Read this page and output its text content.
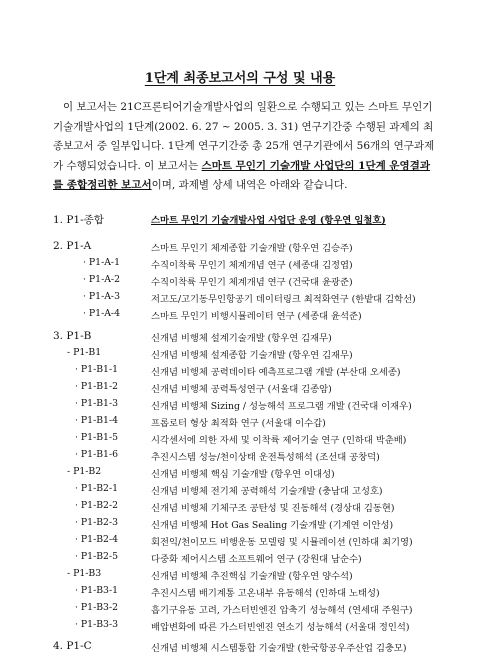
1단계 최종보고서의 구성 및 내용

이 보고서는 21C프론티어기술개발사업의 일환으로 수행되고 있는 스마트 무인기 기술개발사업의 1단계(2002. 6. 27 ~ 2005. 3. 31) 연구기간중 수행된 과제의 최종보고서 중 일부입니다. 1단계 연구기간중 총 25개 연구기관에서 56개의 연구과제가 수행되었습니다. 이 보고서는 스마트 무인기 기술개발 사업단의 1단계 운영결과를 종합정리한 보고서이며, 과제별 상세 내역은 아래와 같습니다.

1. P1-종합	스마트 무인기 기술개발사업 사업단 운영 (항우연 임철호)
2. P1-A	스마트 무인기 체계종합 기술개발 (항우연 김승주)
· P1-A-1	수직이착륙 무인기 체계개념 연구 (세종대 김정엽)
· P1-A-2	수직이착륙 무인기 체계개념 연구 (건국대 윤광준)
· P1-A-3	저고도/고기동무인항공기 데이터링크 최적화연구 (한밭대 김학선)
· P1-A-4	스마트 무인기 비행시뮬레이터 연구 (세종대 윤석준)
3. P1-B	신개념 비행체 설계기술개발 (항우연 김재무)
- P1-B1	신개념 비행체 설계종합 기술개발 (항우연 김재무)
· P1-B1-1	신개념 비행체 공력데이타 예측프로그램 개발 (부산대 오세종)
· P1-B1-2	신개념 비행체 공력특성연구 (서울대 김종암)
· P1-B1-3	신개념 비행체 Sizing / 성능해석 프로그램 개발 (건국대 이재우)
· P1-B1-4	프롭로터 형상 최적화 연구 (서울대 이수갑)
· P1-B1-5	시각센서에 의한 자세 및 이착륙 제어기술 연구 (인하대 박춘배)
· P1-B1-6	추진시스템 성능/천이상태 운전특성해석 (조선대 공창덕)
- P1-B2	신개념 비행체 핵심 기술개발 (항우연 이대성)
· P1-B2-1	신개념 비행체 전기체 공력해석 기술개발 (충남대 고성호)
· P1-B2-2	신개념 비행체 기체구조 공탄성 및 진동해석 (경상대 김동현)
· P1-B2-3	신개념 비행체 Hot Gas Sealing 기술개발 (기계연 이안성)
· P1-B2-4	회전익/천이모드 비행운동 모델링 및 시뮬레이션 (인하대 최기영)
· P1-B2-5	다중화 제어시스템 소프트웨어 연구 (강원대 남순수)
- P1-B3	신개념 비행체 추진핵심 기술개발 (항우연 양수석)
· P1-B3-1	추진시스템 배기계통 고온내부 유동해석 (인하대 노태성)
· P1-B3-2	흡기구유동 고려, 가스터빈엔진 압축기 성능해석 (연세대 주원구)
· P1-B3-3	배압변화에 따른 가스터빈엔진 연소기 성능해석 (서울대 정인석)
4. P1-C	신개념 비행체 시스템통합 기술개발 (한국항공우주산업 김충모)
